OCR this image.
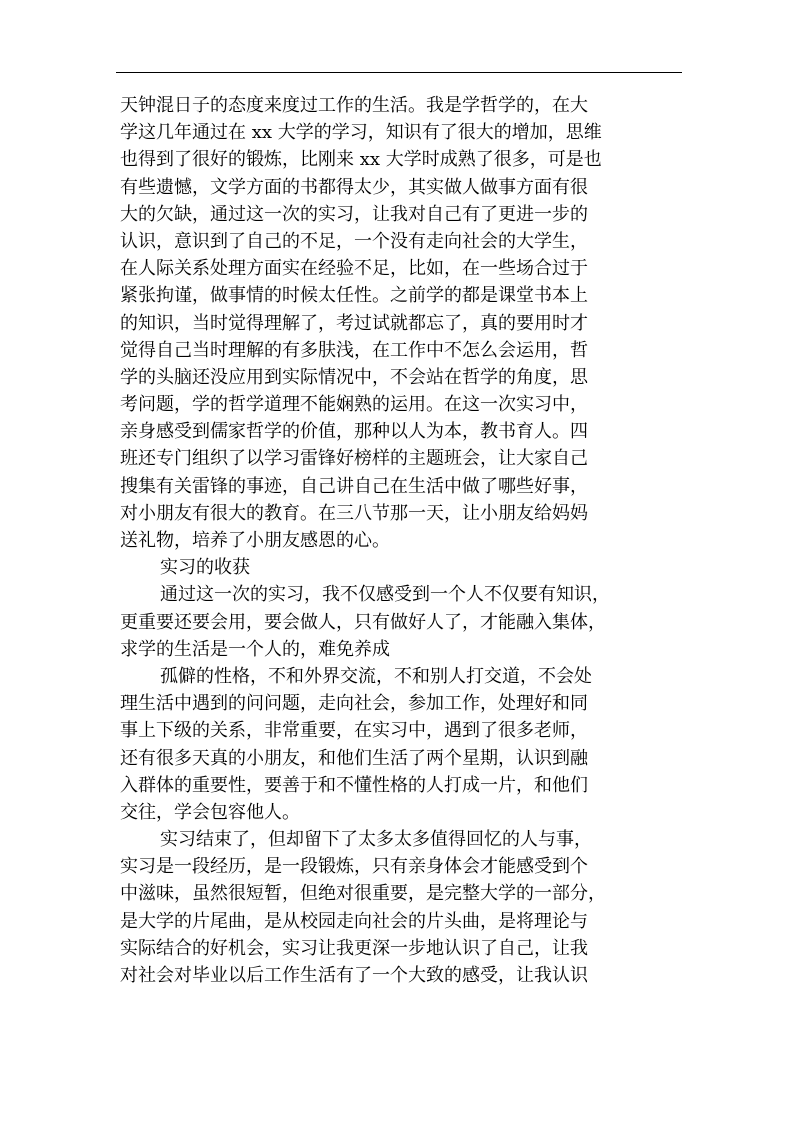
天钟混日子的态度来度过工作的生活。我是学哲学的，在大
学这几年通过在 xx 大学的学习，知识有了很大的增加，思维
也得到了很好的锻炼，比刚来 xx 大学时成熟了很多，可是也
有些遗憾，文学方面的书都得太少，其实做人做事方面有很
大的欠缺，通过这一次的实习，让我对自己有了更进一步的
认识，意识到了自己的不足，一个没有走向社会的大学生，
在人际关系处理方面实在经验不足，比如，在一些场合过于
紧张拘谨，做事情的时候太任性。之前学的都是课堂书本上
的知识，当时觉得理解了，考过试就都忘了，真的要用时才
觉得自己当时理解的有多肤浅，在工作中不怎么会运用，哲
学的头脑还没应用到实际情况中，不会站在哲学的角度，思
考问题，学的哲学道理不能娴熟的运用。在这一次实习中，
亲身感受到儒家哲学的价值，那种以人为本，教书育人。四
班还专门组织了以学习雷锋好榜样的主题班会，让大家自己
搜集有关雷锋的事迹，自己讲自己在生活中做了哪些好事，
对小朋友有很大的教育。在三八节那一天，让小朋友给妈妈
送礼物，培养了小朋友感恩的心。
实习的收获
通过这一次的实习，我不仅感受到一个人不仅要有知识，
更重要还要会用，要会做人，只有做好人了，才能融入集体，
求学的生活是一个人的，难免养成
孤僻的性格，不和外界交流，不和别人打交道，不会处
理生活中遇到的问问题，走向社会，参加工作，处理好和同
事上下级的关系，非常重要，在实习中，遇到了很多老师，
还有很多天真的小朋友，和他们生活了两个星期，认识到融
入群体的重要性，要善于和不懂性格的人打成一片，和他们
交往，学会包容他人。
实习结束了，但却留下了太多太多值得回忆的人与事，
实习是一段经历，是一段锻炼，只有亲身体会才能感受到个
中滋味，虽然很短暂，但绝对很重要，是完整大学的一部分，
是大学的片尾曲，是从校园走向社会的片头曲，是将理论与
实际结合的好机会，实习让我更深一步地认识了自己，让我
对社会对毕业以后工作生活有了一个大致的感受，让我认识
